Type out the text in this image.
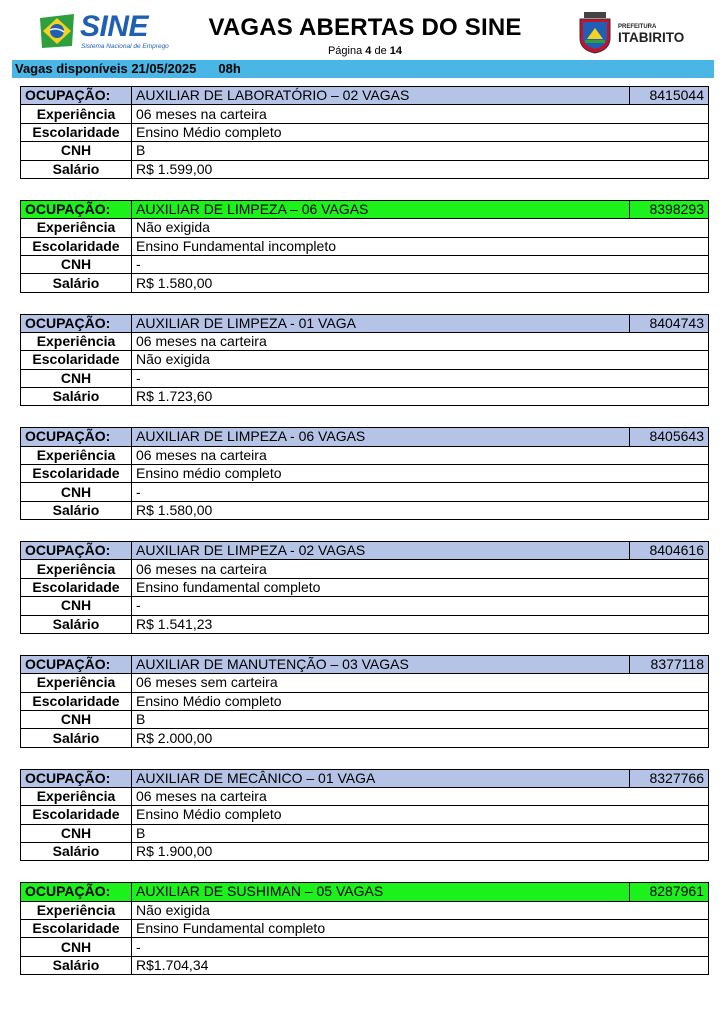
SINE
Sistema Nacional de Emprego
VAGAS ABERTAS DO SINE
Página 4 de 14
PREFEITURA
ITABIRITO
Vagas disponíveis 21/05/2025 08h
OCUPAÇÃO:	AUXILIAR DE LABORATÓRIO – 02 VAGAS	8415044
Experiência	06 meses na carteira	
Escolaridade	Ensino Médio completo	
CNH	B	
Salário	R$ 1.599,00	
OCUPAÇÃO:	AUXILIAR DE LIMPEZA – 06 VAGAS	8398293
Experiência	Não exigida	
Escolaridade	Ensino Fundamental incompleto	
CNH	-	
Salário	R$ 1.580,00	
OCUPAÇÃO:	AUXILIAR DE LIMPEZA - 01 VAGA	8404743
Experiência	06 meses na carteira	
Escolaridade	Não exigida	
CNH	-	
Salário	R$ 1.723,60	
OCUPAÇÃO:	AUXILIAR DE LIMPEZA - 06 VAGAS	8405643
Experiência	06 meses na carteira	
Escolaridade	Ensino médio completo	
CNH	-	
Salário	R$ 1.580,00	
OCUPAÇÃO:	AUXILIAR DE LIMPEZA - 02 VAGAS	8404616
Experiência	06 meses na carteira	
Escolaridade	Ensino fundamental completo	
CNH	-	
Salário	R$ 1.541,23	
OCUPAÇÃO:	AUXILIAR DE MANUTENÇÃO – 03 VAGAS	8377118
Experiência	06 meses sem carteira	
Escolaridade	Ensino Médio completo	
CNH	B	
Salário	R$ 2.000,00	
OCUPAÇÃO:	AUXILIAR DE MECÂNICO – 01 VAGA	8327766
Experiência	06 meses na carteira	
Escolaridade	Ensino Médio completo	
CNH	B	
Salário	R$ 1.900,00	
OCUPAÇÃO:	AUXILIAR DE SUSHIMAN – 05 VAGAS	8287961
Experiência	Não exigida	
Escolaridade	Ensino Fundamental completo	
CNH	-	
Salário	R$1.704,34	
